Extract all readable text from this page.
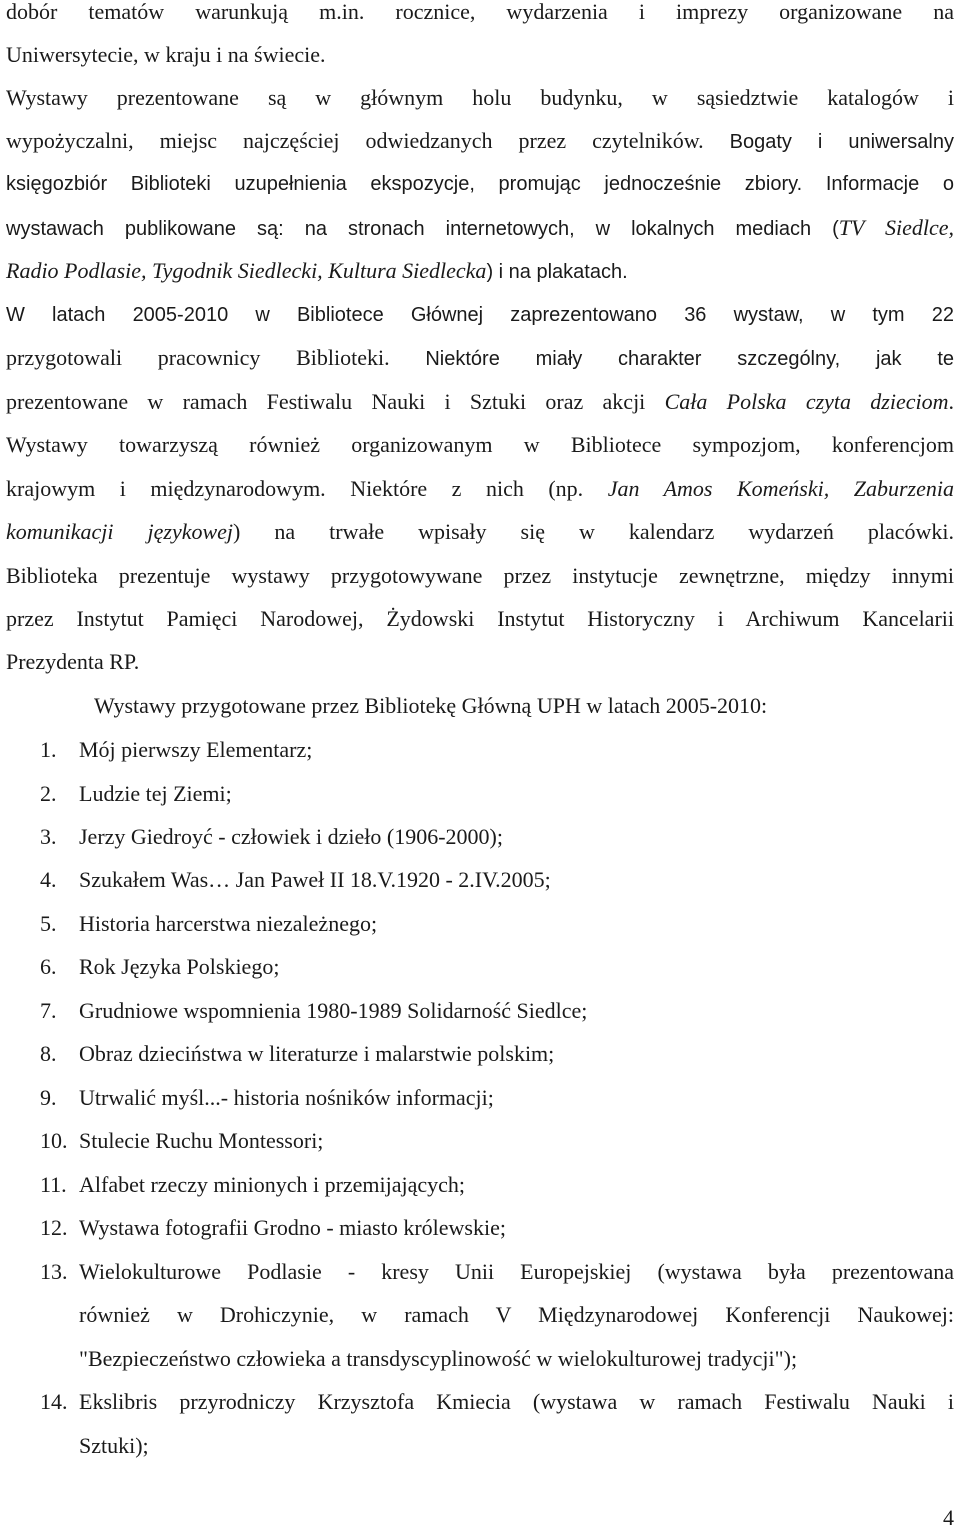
dobór tematów warunkują m.in. rocznice, wydarzenia i imprezy organizowane na
Uniwersytecie, w kraju i na świecie.
Wystawy prezentowane są w głównym holu budynku, w sąsiedztwie katalogów i
wypożyczalni, miejsc najczęściej odwiedzanych przez czytelników. Bogaty i uniwersalny
księgozbiór Biblioteki uzupełnienia ekspozycje, promując jednocześnie zbiory. Informacje o
wystawach publikowane są: na stronach internetowych, w lokalnych mediach (TV Siedlce,
Radio Podlasie, Tygodnik Siedlecki, Kultura Siedlecka) i na plakatach.
W latach 2005-2010 w Bibliotece Głównej zaprezentowano 36 wystaw, w tym 22
przygotowali pracownicy Biblioteki. Niektóre miały charakter szczególny, jak te
prezentowane w ramach Festiwalu Nauki i Sztuki oraz akcji Cała Polska czyta dzieciom.
Wystawy towarzyszą również organizowanym w Bibliotece sympozjom, konferencjom
krajowym i międzynarodowym. Niektóre z nich (np. Jan Amos Komeński, Zaburzenia
komunikacji językowej) na trwałe wpisały się w kalendarz wydarzeń placówki.
Biblioteka prezentuje wystawy przygotowywane przez instytucje zewnętrzne, między innymi
przez Instytut Pamięci Narodowej, Żydowski Instytut Historyczny i Archiwum Kancelarii
Prezydenta RP.
Wystawy przygotowane przez Bibliotekę Główną UPH w latach 2005-2010:
1. Mój pierwszy Elementarz;
2. Ludzie tej Ziemi;
3. Jerzy Giedroyć - człowiek i dzieło (1906-2000);
4. Szukałem Was… Jan Paweł II 18.V.1920 - 2.IV.2005;
5. Historia harcerstwa niezależnego;
6. Rok Języka Polskiego;
7. Grudniowe wspomnienia 1980-1989 Solidarność Siedlce;
8. Obraz dzieciństwa w literaturze i malarstwie polskim;
9. Utrwalić myśl...- historia nośników informacji;
10. Stulecie Ruchu Montessori;
11. Alfabet rzeczy minionych i przemijających;
12. Wystawa fotografii Grodno - miasto królewskie;
13. Wielokulturowe Podlasie - kresy Unii Europejskiej (wystawa była prezentowana
również w Drohiczynie, w ramach V Międzynarodowej Konferencji Naukowej:
"Bezpieczeństwo człowieka a transdyscyplinowość w wielokulturowej tradycji");
14. Ekslibris przyrodniczy Krzysztofa Kmiecia (wystawa w ramach Festiwalu Nauki i
Sztuki);
4
